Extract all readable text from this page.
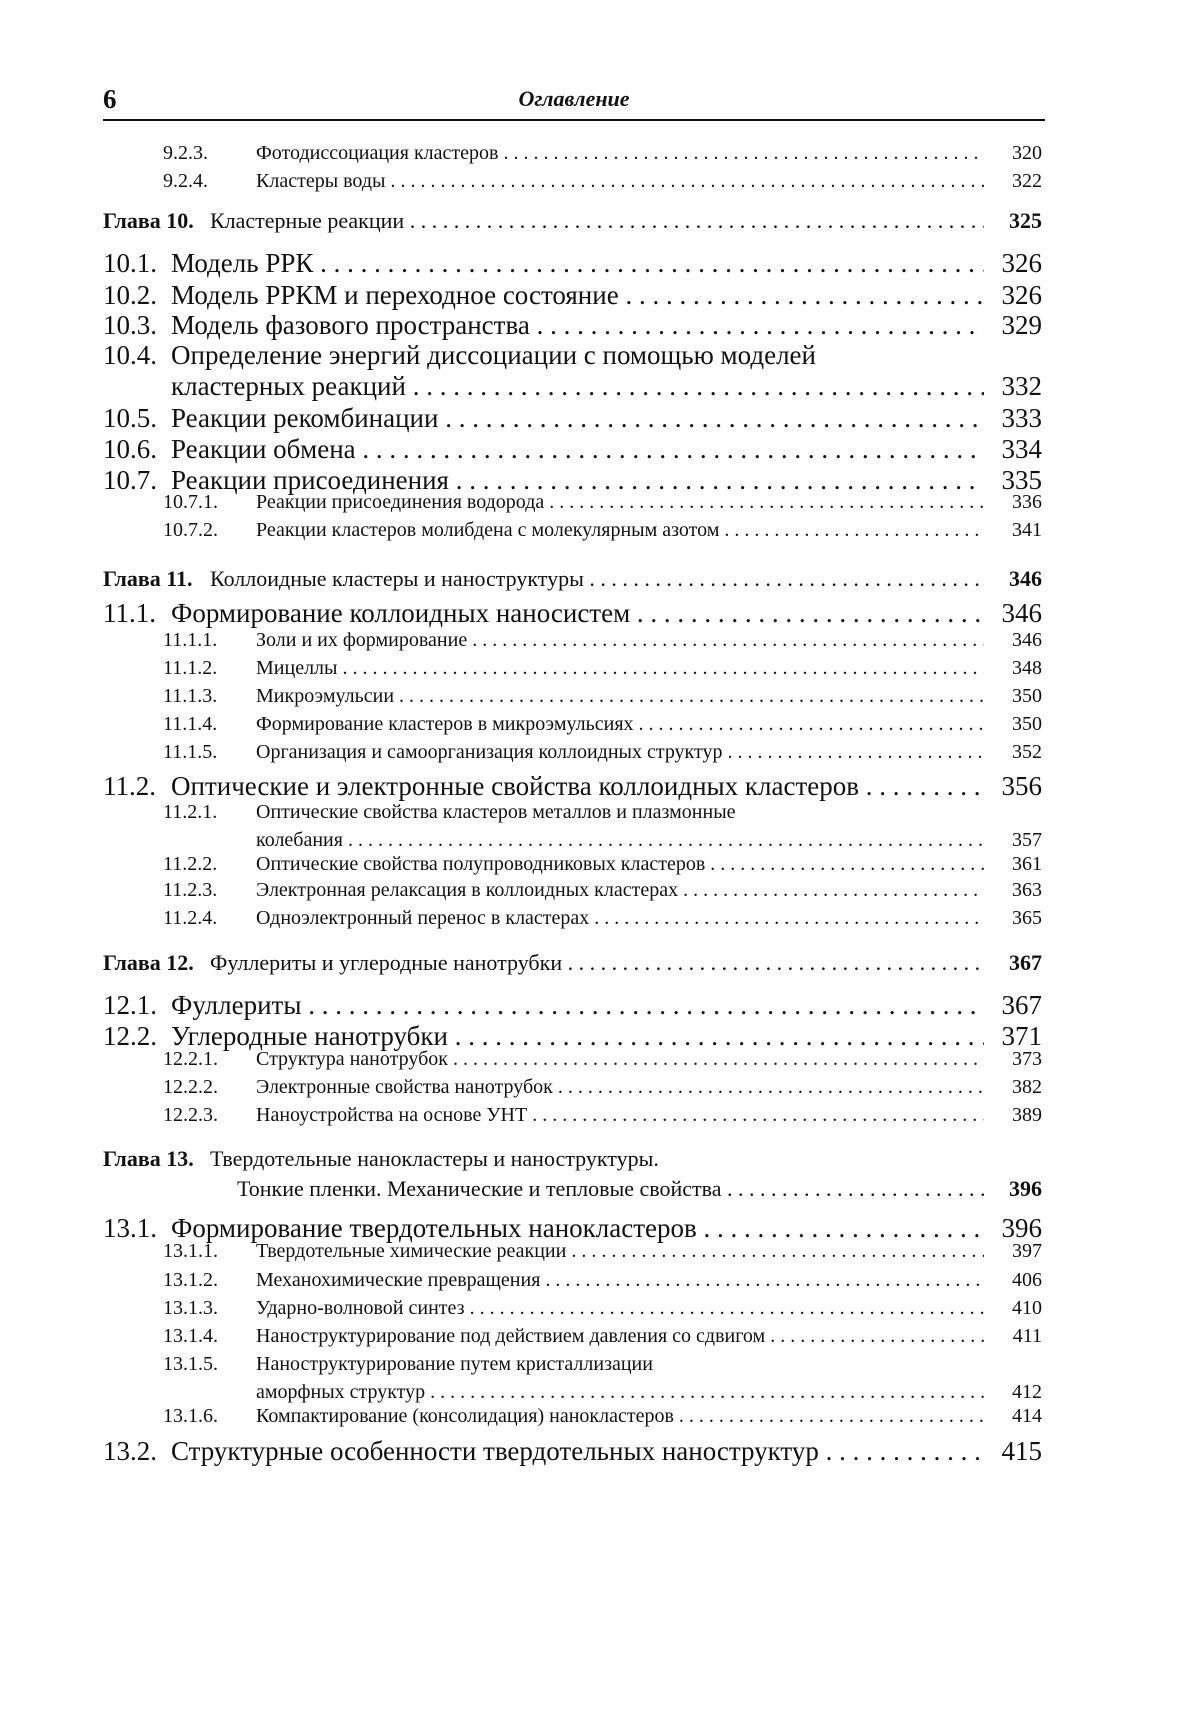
6	Оглавление
9.2.3. Фотодиссоциация кластеров . . . . . . . . . . . . . . . . . . . . . . . . . . . . . . . . . . . . . . . . . . . . . . . . 320
9.2.4. Кластеры воды . . . . . . . . . . . . . . . . . . . . . . . . . . . . . . . . . . . . . . . . . . . . . . . . . . . . . . . . . . .	322
Глава 10. Кластерные реакции . . . . . . . . . . . . . . . . . . . . . . . . . . . . . . . . . . . . . . . . . . . . . . . . . . . .	325
10.1. Модель РРК . . . . . . . . . . . . . . . . . . . . . . . . . . . . . . . . . . . . . . . . . . . . . . . . . 326
10.2. Модель РРКМ и переходное состояние . . . . . . . . . . . . . . . . . . . . . . . . . . . 326
10.3. Модель фазового пространства . . . . . . . . . . . . . . . . . . . . . . . . . . . . . . . . . 329
10.4. Определение энергий диссоциации с помощью моделей
кластерных реакций . . . . . . . . . . . . . . . . . . . . . . . . . . . . . . . . . . . . . . . . . .	332
10.5. Реакции рекомбинации . . . . . . . . . . . . . . . . . . . . . . . . . . . . . . . . . . . . . . . . 333
10.6. Реакции обмена . . . . . . . . . . . . . . . . . . . . . . . . . . . . . . . . . . . . . . . . . . . . . . 334
10.7. Реакции присоединения . . . . . . . . . . . . . . . . . . . . . . . . . . . . . . . . . . . . . . . 335
10.7.1. Реакции присоединения водорода . . . . . . . . . . . . . . . . . . . . . . . . . . . . . . . . . . . . . . . . . . . . 336
10.7.2. Реакции кластеров молибдена с молекулярным азотом . . . . . . . . . . . . . . . . . . . . . . . . . . 341
Глава 11. Коллоидные кластеры и наноструктуры . . . . . . . . . . . . . . . . . . . . . . . . . . . . . . . . . . . . 346
11.1. Формирование коллоидных наносистем . . . . . . . . . . . . . . . . . . . . . . . . . . 346
11.1.1. Золи и их формирование . . . . . . . . . . . . . . . . . . . . . . . . . . . . . . . . . . . . . . . . . . . . . . . . . . .	346
11.1.2. Мицеллы . . . . . . . . . . . . . . . . . . . . . . . . . . . . . . . . . . . . . . . . . . . . . . . . . . . . . . . . . . . . . . . .	348
11.1.3. Микроэмульсии . . . . . . . . . . . . . . . . . . . . . . . . . . . . . . . . . . . . . . . . . . . . . . . . . . . . . . . . . . . 350
11.1.4. Формирование кластеров в микроэмульсиях . . . . . . . . . . . . . . . . . . . . . . . . . . . . . . . . . . . 350
11.1.5. Организация и самоорганизация коллоидных структур . . . . . . . . . . . . . . . . . . . . . . . . . . 352
11.2. Оптические и электронные свойства коллоидных кластеров . . . . . . . . . 356
11.2.1. Оптические свойства кластеров металлов и плазмонные
колебания . . . . . . . . . . . . . . . . . . . . . . . . . . . . . . . . . . . . . . . . . . . . . . . . . . . . . . . . . . . . . . . . 357
11.2.2. Оптические свойства полупроводниковых кластеров . . . . . . . . . . . . . . . . . . . . . . . . . . .	361
11.2.3. Электронная релаксация в коллоидных кластерах . . . . . . . . . . . . . . . . . . . . . . . . . . . . . . 363
11.2.4. Одноэлектронный перенос в кластерах . . . . . . . . . . . . . . . . . . . . . . . . . . . . . . . . . . . . . . . 365
Глава 12. Фуллериты и углеродные нанотрубки . . . . . . . . . . . . . . . . . . . . . . . . . . . . . . . . . . . . . . 367
12.1. Фуллериты . . . . . . . . . . . . . . . . . . . . . . . . . . . . . . . . . . . . . . . . . . . . . . . . . . 367
12.2. Углеродные нанотрубки . . . . . . . . . . . . . . . . . . . . . . . . . . . . . . . . . . . . . . .	371
12.2.1. Структура нанотрубок . . . . . . . . . . . . . . . . . . . . . . . . . . . . . . . . . . . . . . . . . . . . . . . . . . . . .	373
12.2.2. Электронные свойства нанотрубок . . . . . . . . . . . . . . . . . . . . . . . . . . . . . . . . . . . . . . . . . . . 382
12.2.3. Наноустройства на основе УНТ . . . . . . . . . . . . . . . . . . . . . . . . . . . . . . . . . . . . . . . . . . . . .	389
Глава 13. Твердотельные нанокластеры и наноструктуры.
Тонкие пленки. Механические и тепловые свойства . . . . . . . . . . . . . . . . . . . . . . .	396
13.1. Формирование твердотельных нанокластеров . . . . . . . . . . . . . . . . . . . . . 396
13.1.1. Твердотельные химические реакции . . . . . . . . . . . . . . . . . . . . . . . . . . . . . . . . . . . . . . . . .	397
13.1.2. Механохимические превращения . . . . . . . . . . . . . . . . . . . . . . . . . . . . . . . . . . . . . . . . . . . . 406
13.1.3. Ударно-волновой синтез . . . . . . . . . . . . . . . . . . . . . . . . . . . . . . . . . . . . . . . . . . . . . . . . . . .	410
13.1.4. Наноструктурирование под действием давления со сдвигом . . . . . . . . . . . . . . . . . . . . .	411
13.1.5. Наноструктурирование путем кристаллизации
аморфных структур . . . . . . . . . . . . . . . . . . . . . . . . . . . . . . . . . . . . . . . . . . . . . . . . . . . . . . .	412
13.1.6. Компактирование (консолидация) нанокластеров . . . . . . . . . . . . . . . . . . . . . . . . . . . . . . . 414
13.2. Структурные особенности твердотельных наноструктур . . . . . . . . . . . . 415
